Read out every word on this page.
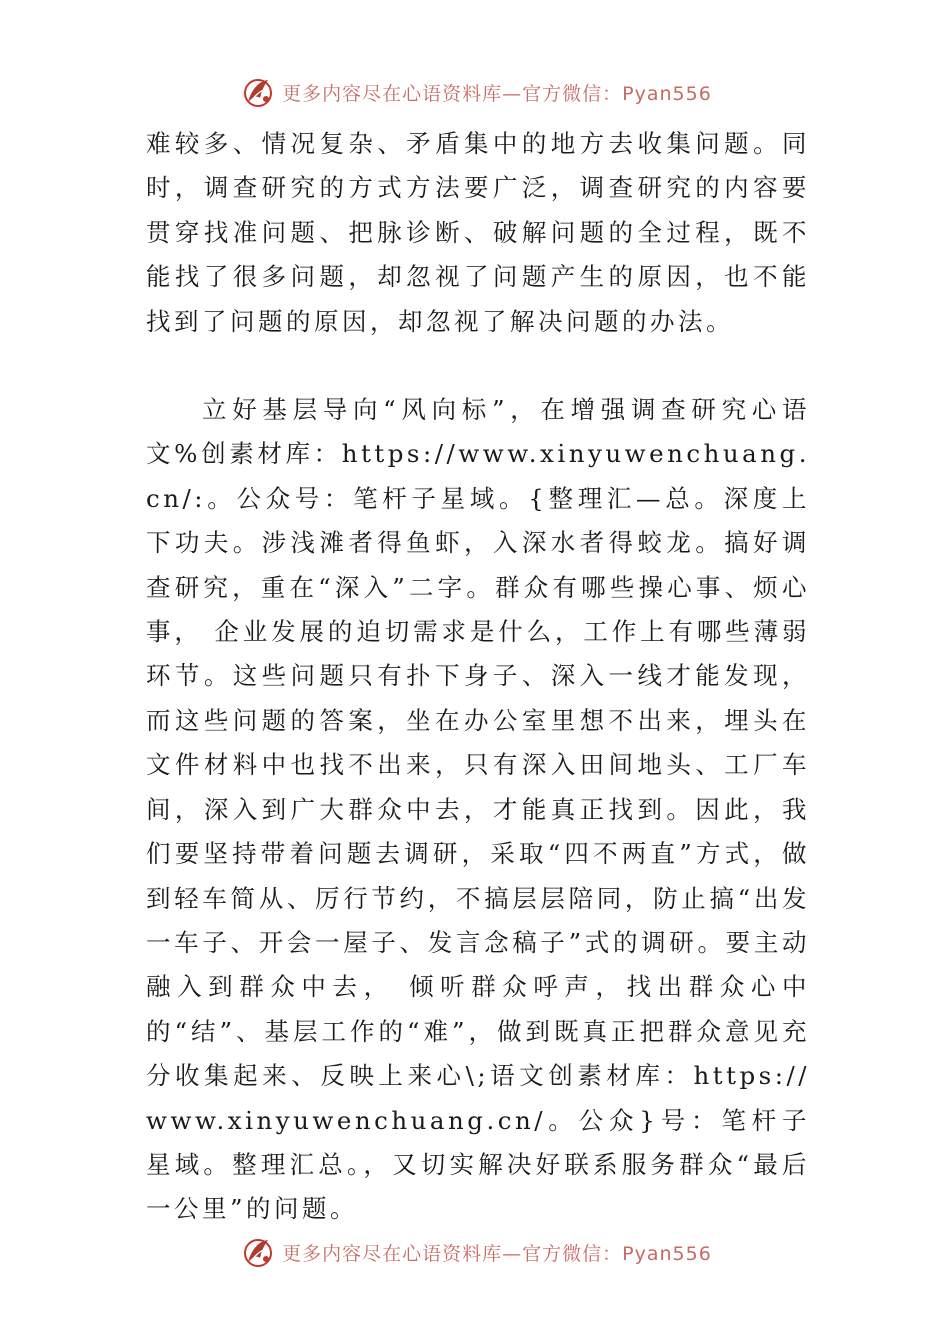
更多内容尽在心语资料库—官方微信：Pyan556

难较多、情况复杂、矛盾集中的地方去收集问题。同时，调查研究的方式方法要广泛，调查研究的内容要贯穿找准问题、把脉诊断、破解问题的全过程，既不能找了很多问题，却忽视了问题产生的原因，也不能找到了问题的原因，却忽视了解决问题的办法。

立好基层导向“风向标”，在增强调查研究心语文%创素材库：https://www.xinyuwenchuang.cn/:。公众号：笔杆子星域。{整理汇—总。深度上下功夫。涉浅滩者得鱼虾，入深水者得蛟龙。搞好调查研究，重在“深入”二字。群众有哪些操心事、烦心事， 企业发展的迫切需求是什么，工作上有哪些薄弱环节。这些问题只有扑下身子、深入一线才能发现，而这些问题的答案，坐在办公室里想不出来，埋头在文件材料中也找不出来，只有深入田间地头、工厂车间，深入到广大群众中去，才能真正找到。因此，我们要坚持带着问题去调研，采取“四不两直”方式，做到轻车简从、厉行节约，不搞层层陪同，防止搞“出发一车子、开会一屋子、发言念稿子”式的调研。要主动融入到群众中去， 倾听群众呼声，找出群众心中的“结”、基层工作的“难”，做到既真正把群众意见充分收集起来、反映上来心\;语文创素材库：https://www.xinyuwenchuang.cn/。公众}号：笔杆子星域。整理汇总。，又切实解决好联系服务群众“最后一公里”的问题。

更多内容尽在心语资料库—官方微信：Pyan556
